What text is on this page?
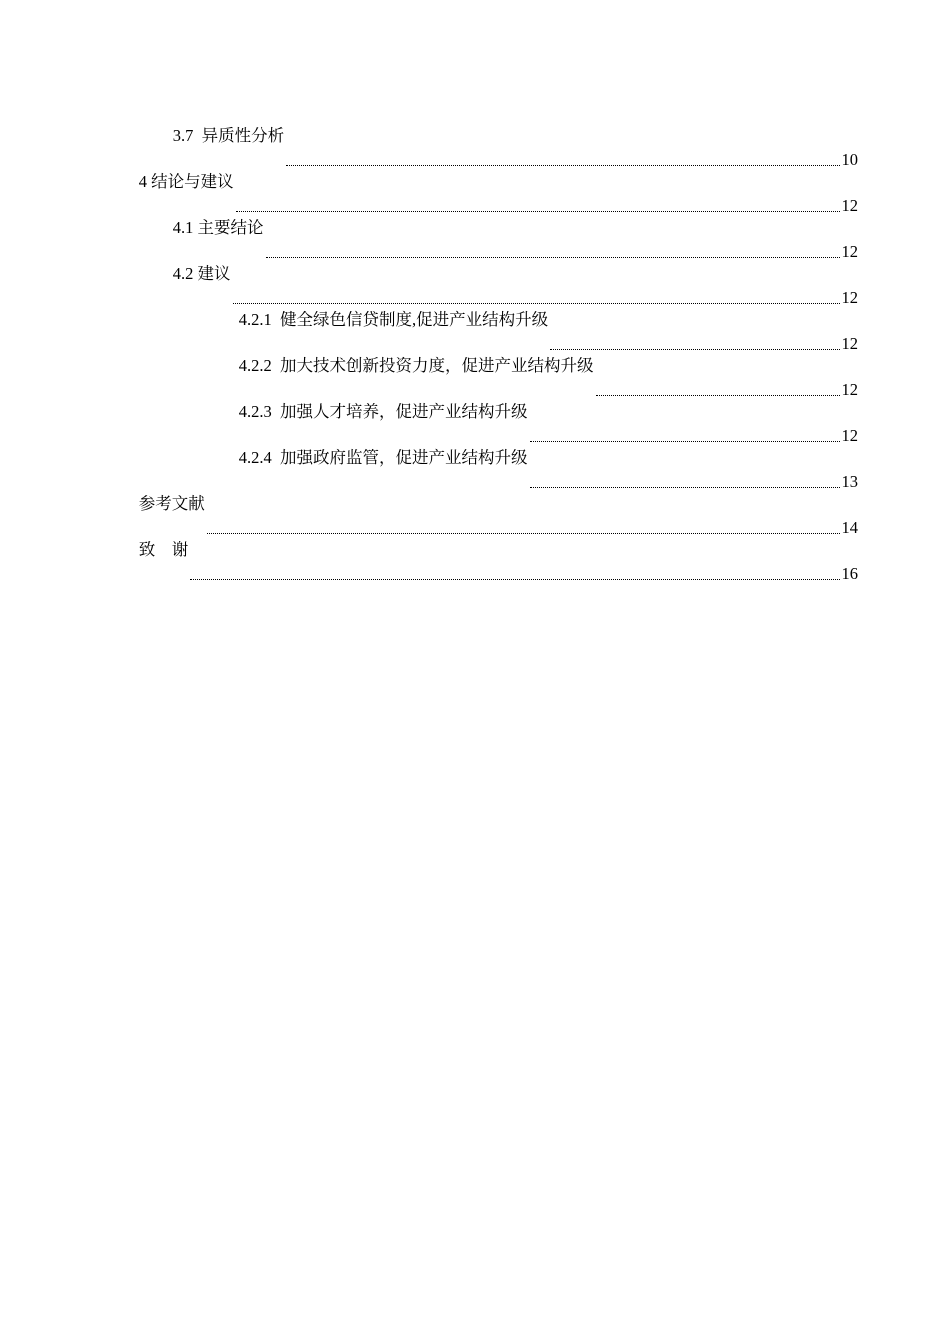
3.7 异质性分析

10

4 结论与建议

12

4.1 主要结论

12

4.2 建议

12

4.2.1 健全绿色信贷制度,促进产业结构升级

12

4.2.2 加大技术创新投资力度，促进产业结构升级

12

4.2.3 加强人才培养，促进产业结构升级

12

4.2.4 加强政府监管，促进产业结构升级

13

参考文献

14

致　谢

16
